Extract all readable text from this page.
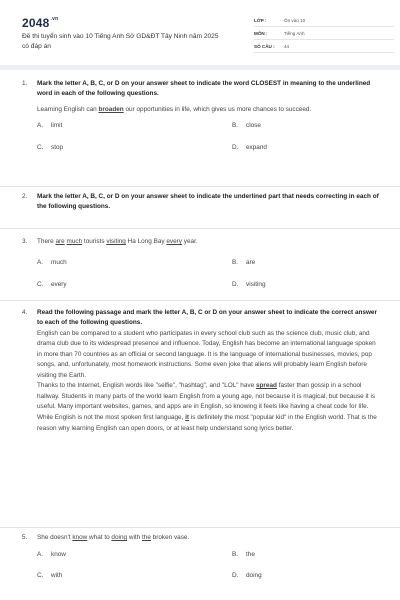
$2048^{.vn}$
Đề thi tuyển sinh vào 10 Tiếng Anh Sở GD&ĐT Tây Ninh năm 2025 có đáp án
LỚP :	Ôn vào 10
MÔN :	Tiếng Anh
SỐ CÂU : 44
1. Mark the letter A, B, C, or D on your answer sheet to indicate the word CLOSEST in meaning to the underlined word in each of the following questions.
Learning English can broaden our opportunities in life, which gives us more chances to succeed.
A. limit	B. close
C. stop	D. expand
2. Mark the letter A, B, C, or D on your answer sheet to indicate the underlined part that needs correcting in each of the following questions.
3. There are much tourists visiting Ha Long Bay every year.
A. much	B. are
C. every	D. visiting
4. Read the following passage and mark the letter A, B, C or D on your answer sheet to indicate the correct answer to each of the following questions.
English can be compared to a student who participates in every school club such as the science club, music club, and drama club due to its widespread presence and influence. Today, English has become an international language spoken in more than 70 countries as an official or second language. It is the language of international businesses, movies, pop songs, and, unfortunately, most homework instructions. Some even joke that aliens will probably learn English before visiting the Earth.
Thanks to the Internet, English words like "selfie", "hashtag", and "LOL" have spread faster than gossip in a school hallway. Students in many parts of the world learn English from a young age, not because it is magical, but because it is useful. Many important websites, games, and apps are in English, so knowing it feels like having a cheat code for life.
While English is not the most spoken first language, it is definitely the most "popular kid" in the English world. That is the reason why learning English can open doors, or at least help understand song lyrics better.
5. She doesn't know what to doing with the broken vase.
A. know	B. the
C. with	D. doing
